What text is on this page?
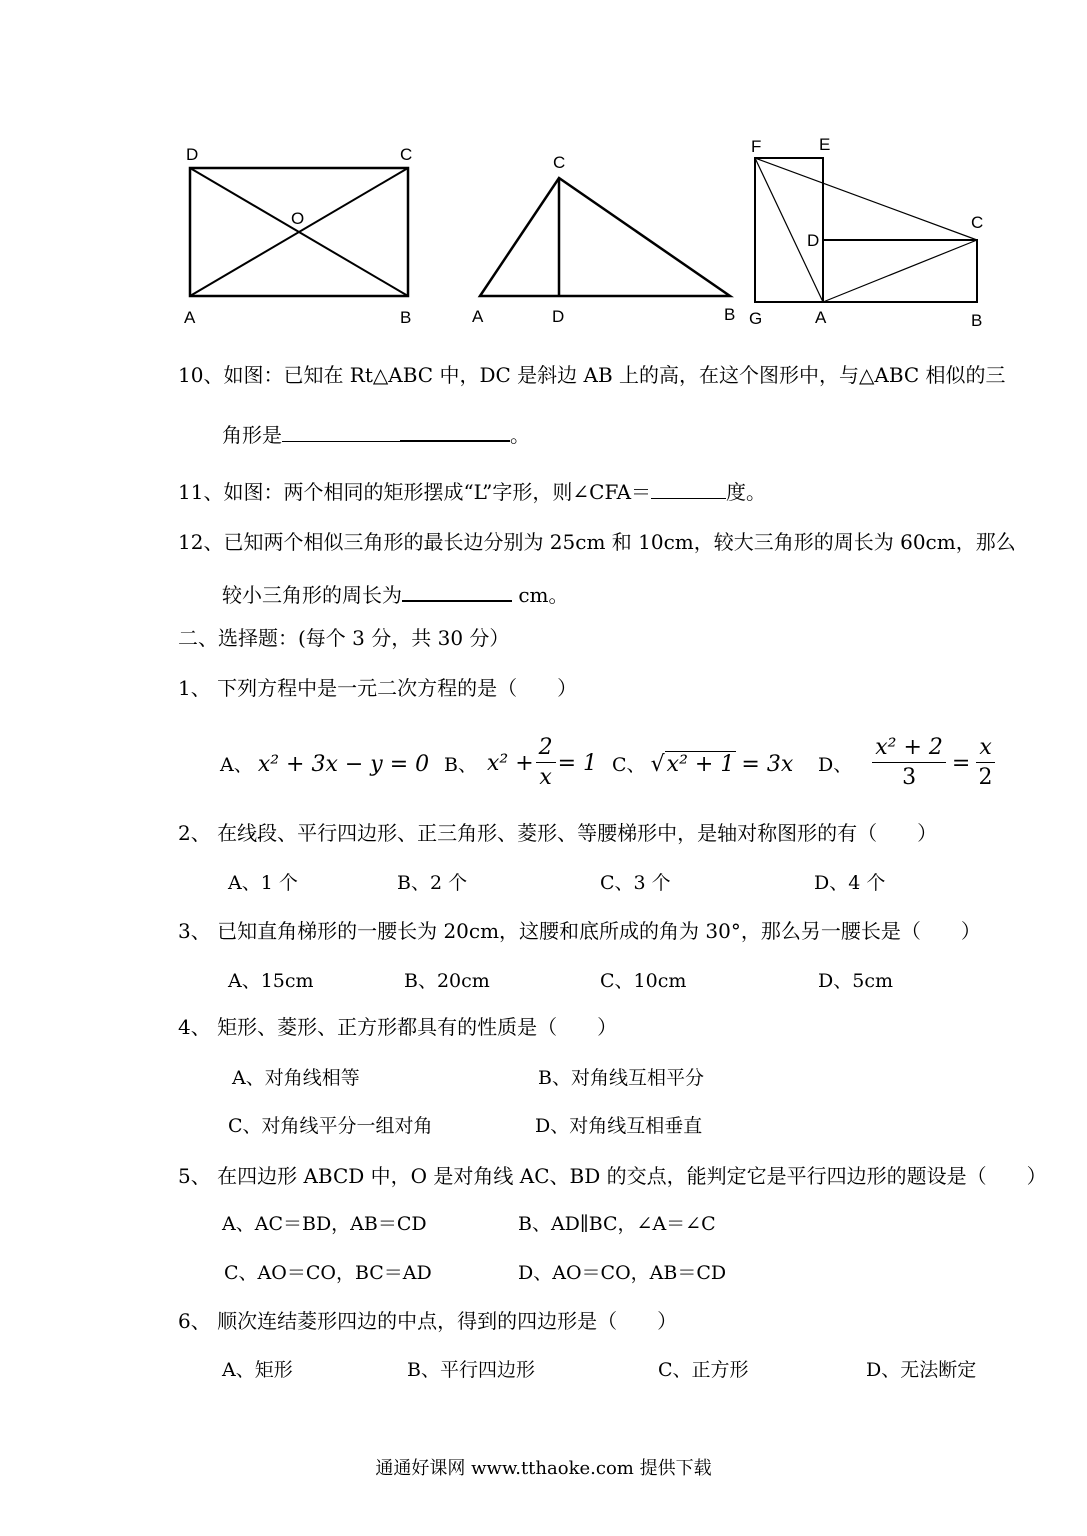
D	C
O
A	B
C
A	D	B
F	E
D
C
G	A	B
10、如图：已知在 Rt△ABC 中，DC 是斜边 AB 上的高，在这个图形中，与△ABC 相似的三
角形是	。
11、如图：两个相同的矩形摆成“L”字形，则∠CFA＝	度。
12、已知两个相似三角形的最长边分别为 25cm 和 10cm，较大三角形的周长为 60cm，那么
较小三角形的周长为	cm。
二、选择题：(每个 3 分，共 30 分）
1、 下列方程中是一元二次方程的是（　　）
A、 x² + 3x − y = 0 B、 $x^2 + \frac{2}{x} = 1$ C、 √x² + 1 = 3x D、 $\frac{\text{x² + 2}}{3} = \frac{x}{2}$
2、 在线段、平行四边形、正三角形、菱形、等腰梯形中，是轴对称图形的有（　　）
A、1 个	B、2 个	C、3 个	D、4 个
3、 已知直角梯形的一腰长为 20cm，这腰和底所成的角为 30°，那么另一腰长是（　　）
A、15cm	B、20cm	C、10cm	D、5cm
4、 矩形、菱形、正方形都具有的性质是（　　）
A、对角线相等	B、对角线互相平分
C、对角线平分一组对角	D、对角线互相垂直
5、 在四边形 ABCD 中，O 是对角线 AC、BD 的交点，能判定它是平行四边形的题设是（　　）
A、AC＝BD，AB＝CD	B、AD∥BC，∠A＝∠C
C、AO＝CO，BC＝AD	D、AO＝CO，AB＝CD
6、 顺次连结菱形四边的中点，得到的四边形是（　　）
A、矩形	B、平行四边形	C、正方形	D、无法断定
通通好课网 www.tthaoke.com 提供下载
